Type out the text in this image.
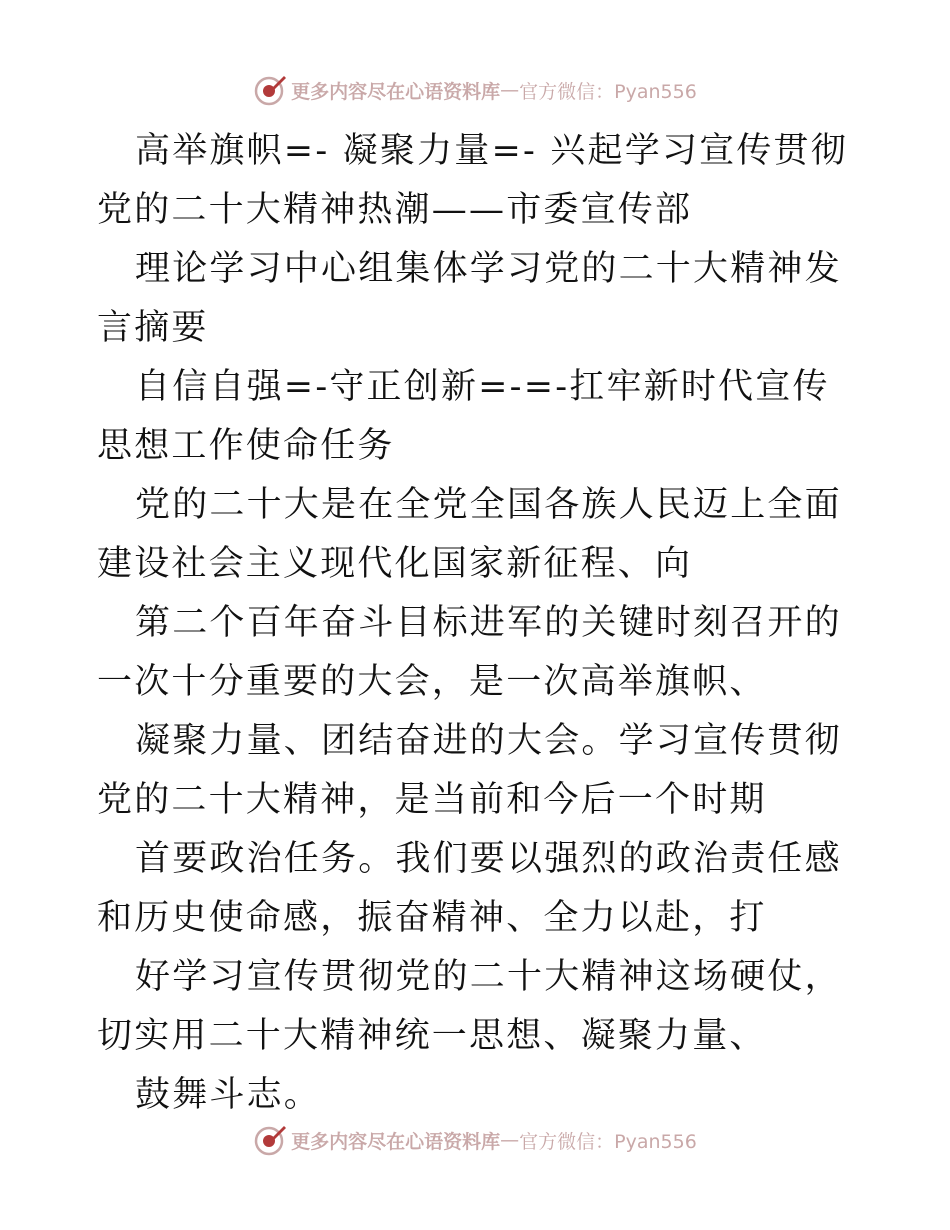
更多内容尽在心语资料库 — 官方微信：Pyan556

高举旗帜=- 凝聚力量=- 兴起学习宣传贯彻党的二十大精神热潮——市委宣传部

理论学习中心组集体学习党的二十大精神发言摘要

自信自强=-守正创新=-=-扛牢新时代宣传思想工作使命任务

党的二十大是在全党全国各族人民迈上全面建设社会主义现代化国家新征程、向

第二个百年奋斗目标进军的关键时刻召开的一次十分重要的大会，是一次高举旗帜、

凝聚力量、团结奋进的大会。学习宣传贯彻党的二十大精神，是当前和今后一个时期

首要政治任务。我们要以强烈的政治责任感和历史使命感，振奋精神、全力以赴，打

好学习宣传贯彻党的二十大精神这场硬仗，切实用二十大精神统一思想、凝聚力量、

鼓舞斗志。

更多内容尽在心语资料库 — 官方微信：Pyan556
